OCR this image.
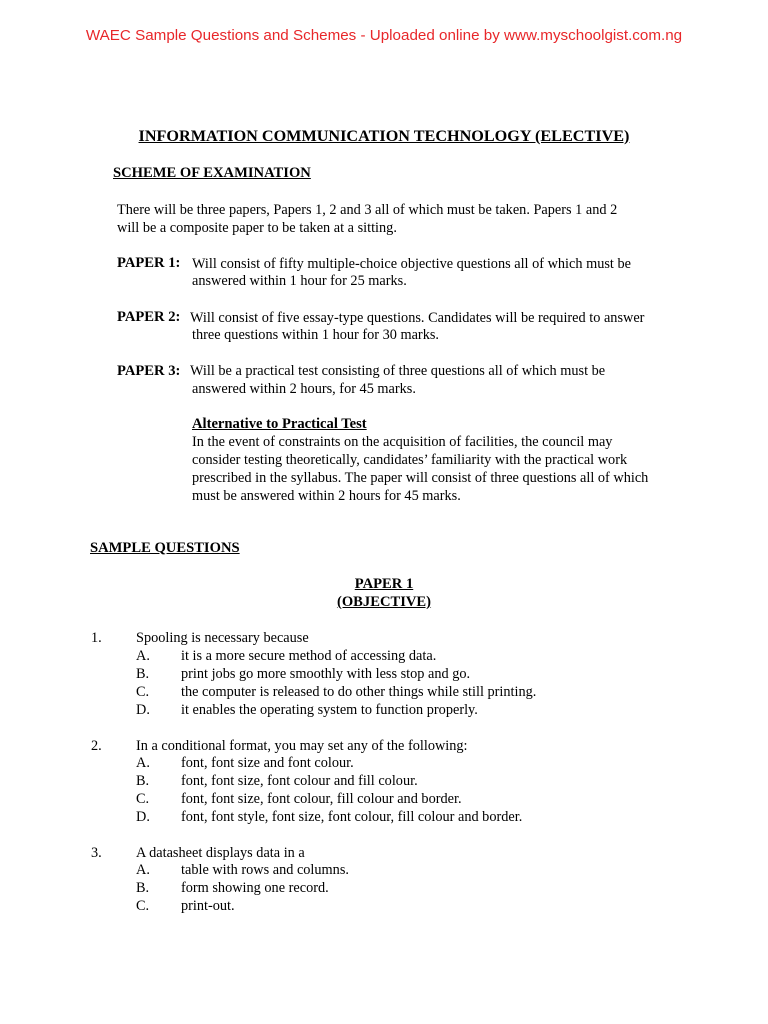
WAEC Sample Questions and Schemes - Uploaded online by www.myschoolgist.com.ng
INFORMATION COMMUNICATION TECHNOLOGY (ELECTIVE)
SCHEME OF EXAMINATION
There will be three papers, Papers 1, 2 and 3 all of which must be taken. Papers 1 and 2
will be a composite paper to be taken at a sitting.
PAPER 1: Will consist of fifty multiple-choice objective questions all of which must be
answered within 1 hour for 25 marks.
PAPER 2: Will consist of five essay-type questions. Candidates will be required to answer
three questions within 1 hour for 30 marks.
PAPER 3: Will be a practical test consisting of three questions all of which must be
answered within 2 hours, for 45 marks.
Alternative to Practical Test
In the event of constraints on the acquisition of facilities, the council may
consider testing theoretically, candidates’ familiarity with the practical work
prescribed in the syllabus. The paper will consist of three questions all of which
must be answered within 2 hours for 45 marks.
SAMPLE QUESTIONS
PAPER 1
(OBJECTIVE)
1. Spooling is necessary because
A. it is a more secure method of accessing data.
B. print jobs go more smoothly with less stop and go.
C. the computer is released to do other things while still printing.
D. it enables the operating system to function properly.
2. In a conditional format, you may set any of the following:
A. font, font size and font colour.
B. font, font size, font colour and fill colour.
C. font, font size, font colour, fill colour and border.
D. font, font style, font size, font colour, fill colour and border.
3. A datasheet displays data in a
A. table with rows and columns.
B. form showing one record.
C. print-out.
